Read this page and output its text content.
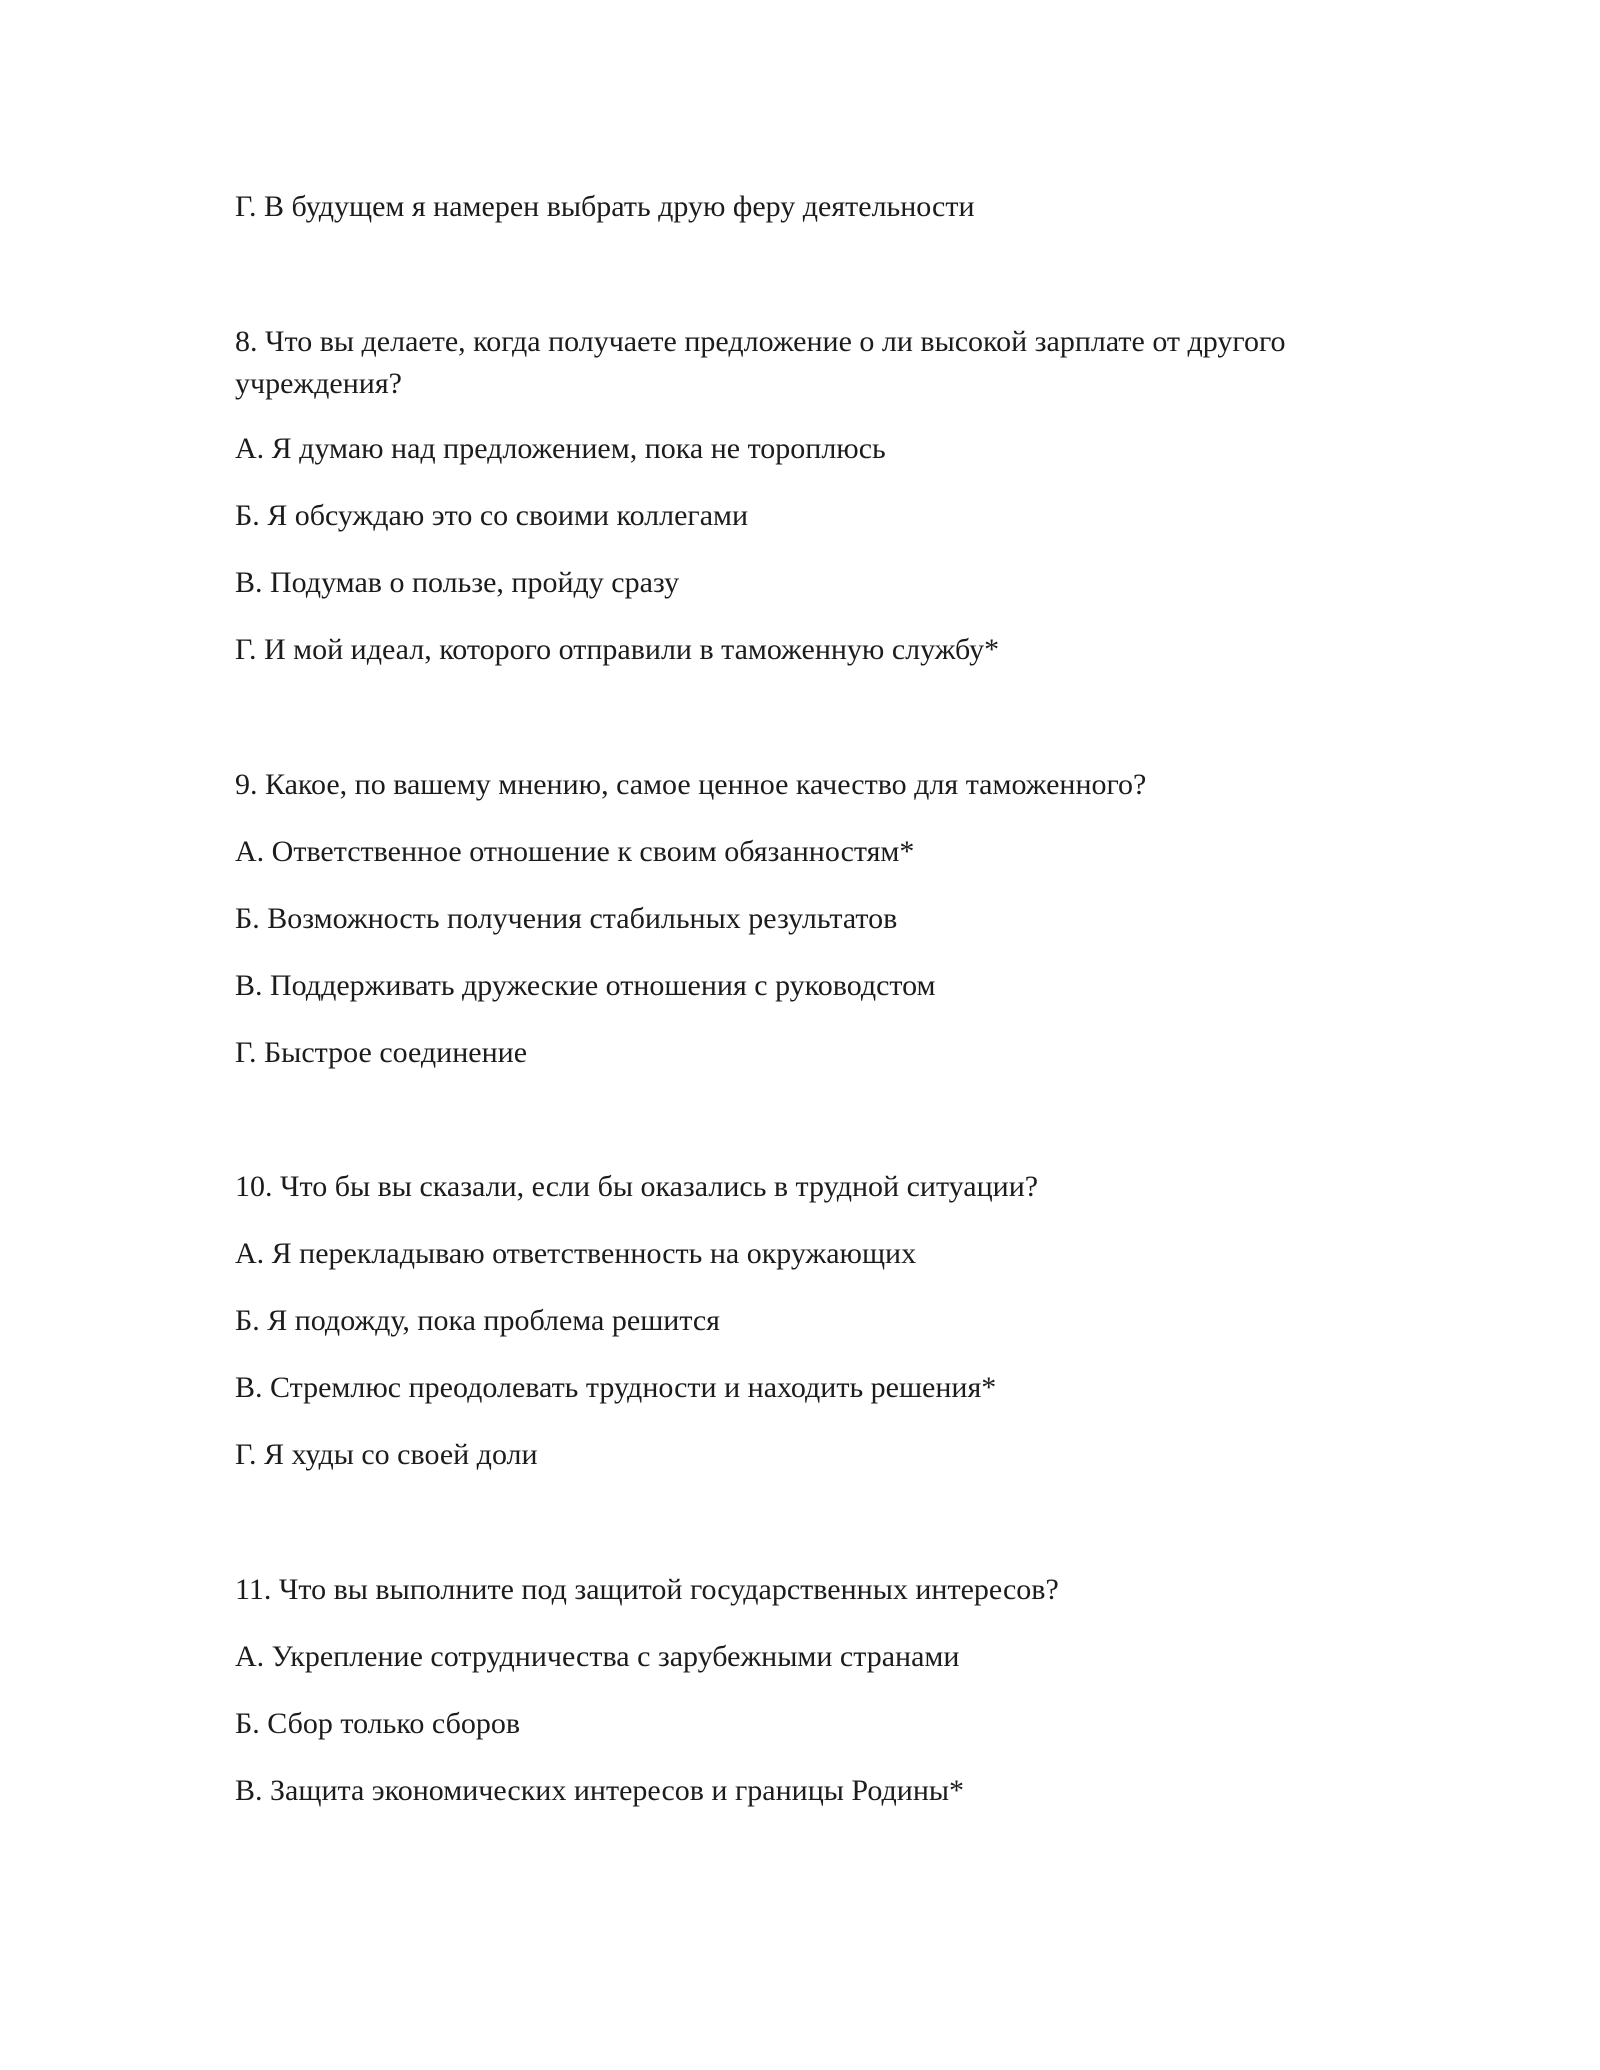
Г. В будущем я намерен выбрать друю феру деятельности

8. Что вы делаете, когда получаете предложение о ли высокой зарплате от другого учреждения?

А. Я думаю над предложением, пока не тороплюсь

Б. Я обсуждаю это со своими коллегами

В. Подумав о пользе, пройду сразу

Г. И мой идеал, которого отправили в таможенную службу*

9. Какое, по вашему мнению, самое ценное качество для таможенного?

А. Ответственное отношение к своим обязанностям*

Б. Возможность получения стабильных результатов

В. Поддерживать дружеские отношения с руководстом

Г. Быстрое соединение

10. Что бы вы сказали, если бы оказались в трудной ситуации?

А. Я перекладываю ответственность на окружающих

Б. Я подожду, пока проблема решится

В. Стремлюс преодолевать трудности и находить решения*

Г. Я худы со своей доли

11. Что вы выполните под защитой государственных интересов?

А. Укрепление сотрудничества с зарубежными странами

Б. Сбор только сборов

В. Защита экономических интересов и границы Родины*
